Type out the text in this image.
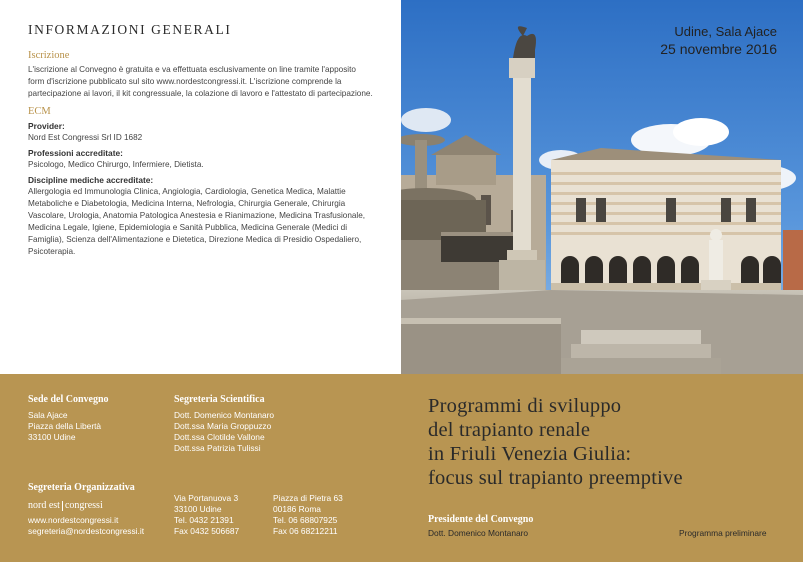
INFORMAZIONI GENERALI
Iscrizione
L'iscrizione al Convegno è gratuita e va effettuata esclusivamente on line tramite l'apposito
form d'iscrizione pubblicato sul sito www.nordestcongressi.it. L'iscrizione comprende la
partecipazione ai lavori, il kit congressuale, la colazione di lavoro e l'attestato di partecipazione.
ECM
Provider:
Nord Est Congressi Srl ID 1682
Professioni accreditate:
Psicologo, Medico Chirurgo, Infermiere, Dietista.
Discipline mediche accreditate:
Allergologia ed Immunologia Clinica, Angiologia, Cardiologia, Genetica Medica, Malattie
Metaboliche e Diabetologia, Medicina Interna, Nefrologia, Chirurgia Generale, Chirurgia
Vascolare, Urologia, Anatomia Patologica Anestesia e Rianimazione, Medicina Trasfusionale,
Medicina Legale, Igiene, Epidemiologia e Sanità Pubblica, Medicina Generale (Medici di
Famiglia), Scienza dell'Alimentazione e Dietetica, Direzione Medica di Presidio Ospedaliero,
Psicoterapia.
Udine, Sala Ajace
25 novembre 2016
Sede del Convegno
Sala Ajace
Piazza della Libertà
33100 Udine
Segreteria Scientifica
Dott. Domenico Montanaro
Dott.ssa Maria Groppuzzo
Dott.ssa Clotilde Vallone
Dott.ssa Patrizia Tulissi
Segreteria Organizzativa
nord est congressi
www.nordestcongressi.it
segreteria@nordestcongressi.it
Via Portanuova 3
33100 Udine
Tel. 0432 21391
Fax 0432 506687
Piazza di Pietra 63
00186 Roma
Tel. 06 68807925
Fax 06 68212211
Programmi di sviluppo
del trapianto renale
in Friuli Venezia Giulia:
focus sul trapianto preemptive
Presidente del Convegno
Dott. Domenico Montanaro	Programma preliminare
